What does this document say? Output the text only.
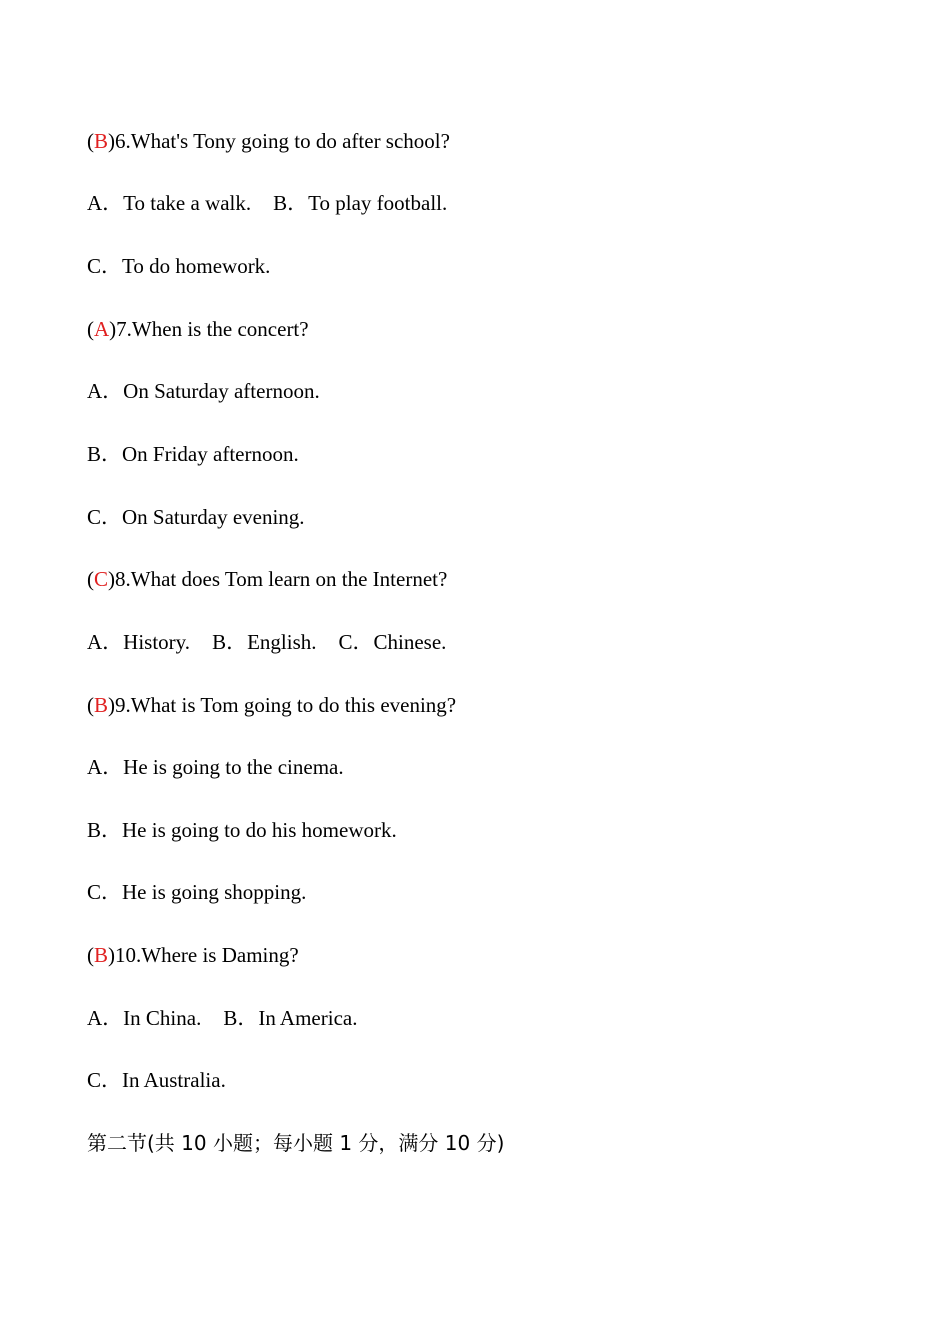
(B)6.What's Tony going to do after school?
A．To take a walk. B．To play football.
C．To do homework.
(A)7.When is the concert?
A．On Saturday afternoon.
B．On Friday afternoon.
C．On Saturday evening.
(C)8.What does Tom learn on the Internet?
A．History. B．English. C．Chinese.
(B)9.What is Tom going to do this evening?
A．He is going to the cinema.
B．He is going to do his homework.
C．He is going shopping.
(B)10.Where is Daming?
A．In China. B．In America.
C．In Australia.
第二节(共 10 小题；每小题 1 分，满分 10 分)
